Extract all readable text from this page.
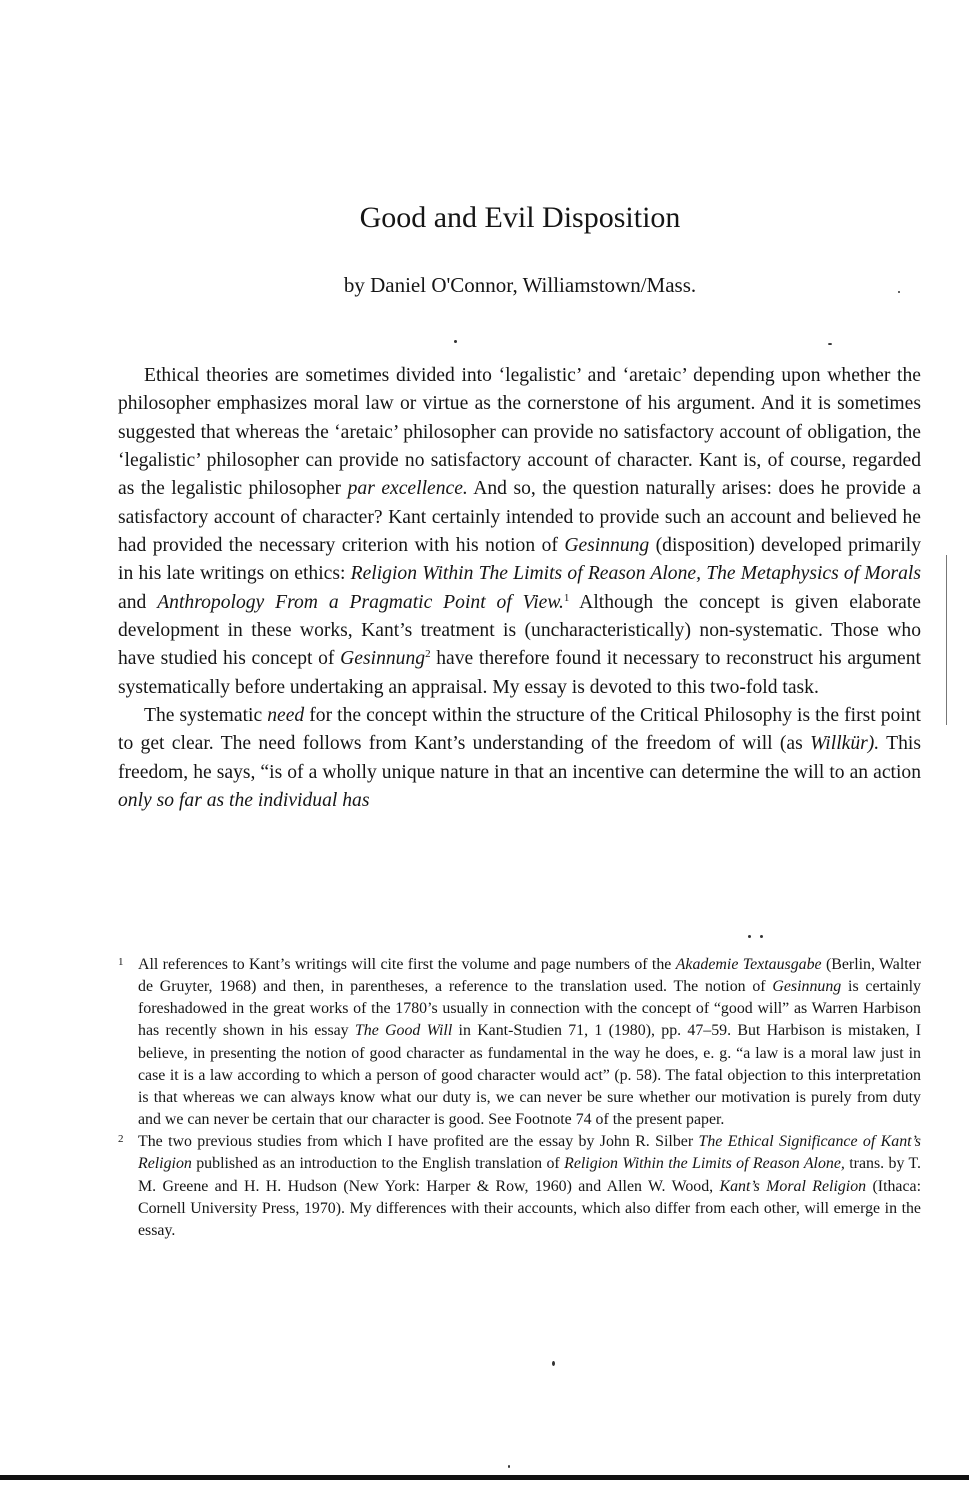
Good and Evil Disposition
by Daniel O'Connor, Williamstown/Mass.

Ethical theories are sometimes divided into ‘legalistic’ and ‘aretaic’ depending upon whether the philosopher emphasizes moral law or virtue as the cornerstone of his argument. And it is sometimes suggested that whereas the ‘aretaic’ philosopher can provide no satisfactory account of obligation, the ‘legalistic’ philosopher can provide no satisfactory account of character. Kant is, of course, regarded as the legalistic philosopher par excellence. And so, the question naturally arises: does he provide a satisfactory account of character? Kant certainly intended to provide such an account and believed he had provided the necessary criterion with his notion of Gesinnung (disposition) developed primarily in his late writings on ethics: Religion Within The Limits of Reason Alone, The Metaphysics of Morals and Anthropology From a Pragmatic Point of View.$^1$ Although the concept is given elaborate development in these works, Kant’s treatment is (uncharacteristically) non-systematic. Those who have studied his concept of Gesinnung$^2$ have therefore found it necessary to reconstruct his argument systematically before undertaking an appraisal. My essay is devoted to this two-fold task.

The systematic need for the concept within the structure of the Critical Philosophy is the first point to get clear. The need follows from Kant’s understanding of the freedom of will (as Willkür). This freedom, he says, “is of a wholly unique nature in that an incentive can determine the will to an action only so far as the individual has

1 All references to Kant’s writings will cite first the volume and page numbers of the Akademie Textausgabe (Berlin, Walter de Gruyter, 1968) and then, in parentheses, a reference to the translation used. The notion of Gesinnung is certainly foreshadowed in the great works of the 1780’s usually in connection with the concept of “good will” as Warren Harbison has recently shown in his essay The Good Will in Kant-Studien 71, 1 (1980), pp. 47–59. But Harbison is mistaken, I believe, in presenting the notion of good character as fundamental in the way he does, e. g. “a law is a moral law just in case it is a law according to which a person of good character would act” (p. 58). The fatal objection to this interpretation is that whereas we can always know what our duty is, we can never be sure whether our motivation is purely from duty and we can never be certain that our character is good. See Footnote 74 of the present paper.

2 The two previous studies from which I have profited are the essay by John R. Silber The Ethical Significance of Kant’s Religion published as an introduction to the English translation of Religion Within the Limits of Reason Alone, trans. by T. M. Greene and H. H. Hudson (New York: Harper & Row, 1960) and Allen W. Wood, Kant’s Moral Religion (Ithaca: Cornell University Press, 1970). My differences with their accounts, which also differ from each other, will emerge in the essay.
